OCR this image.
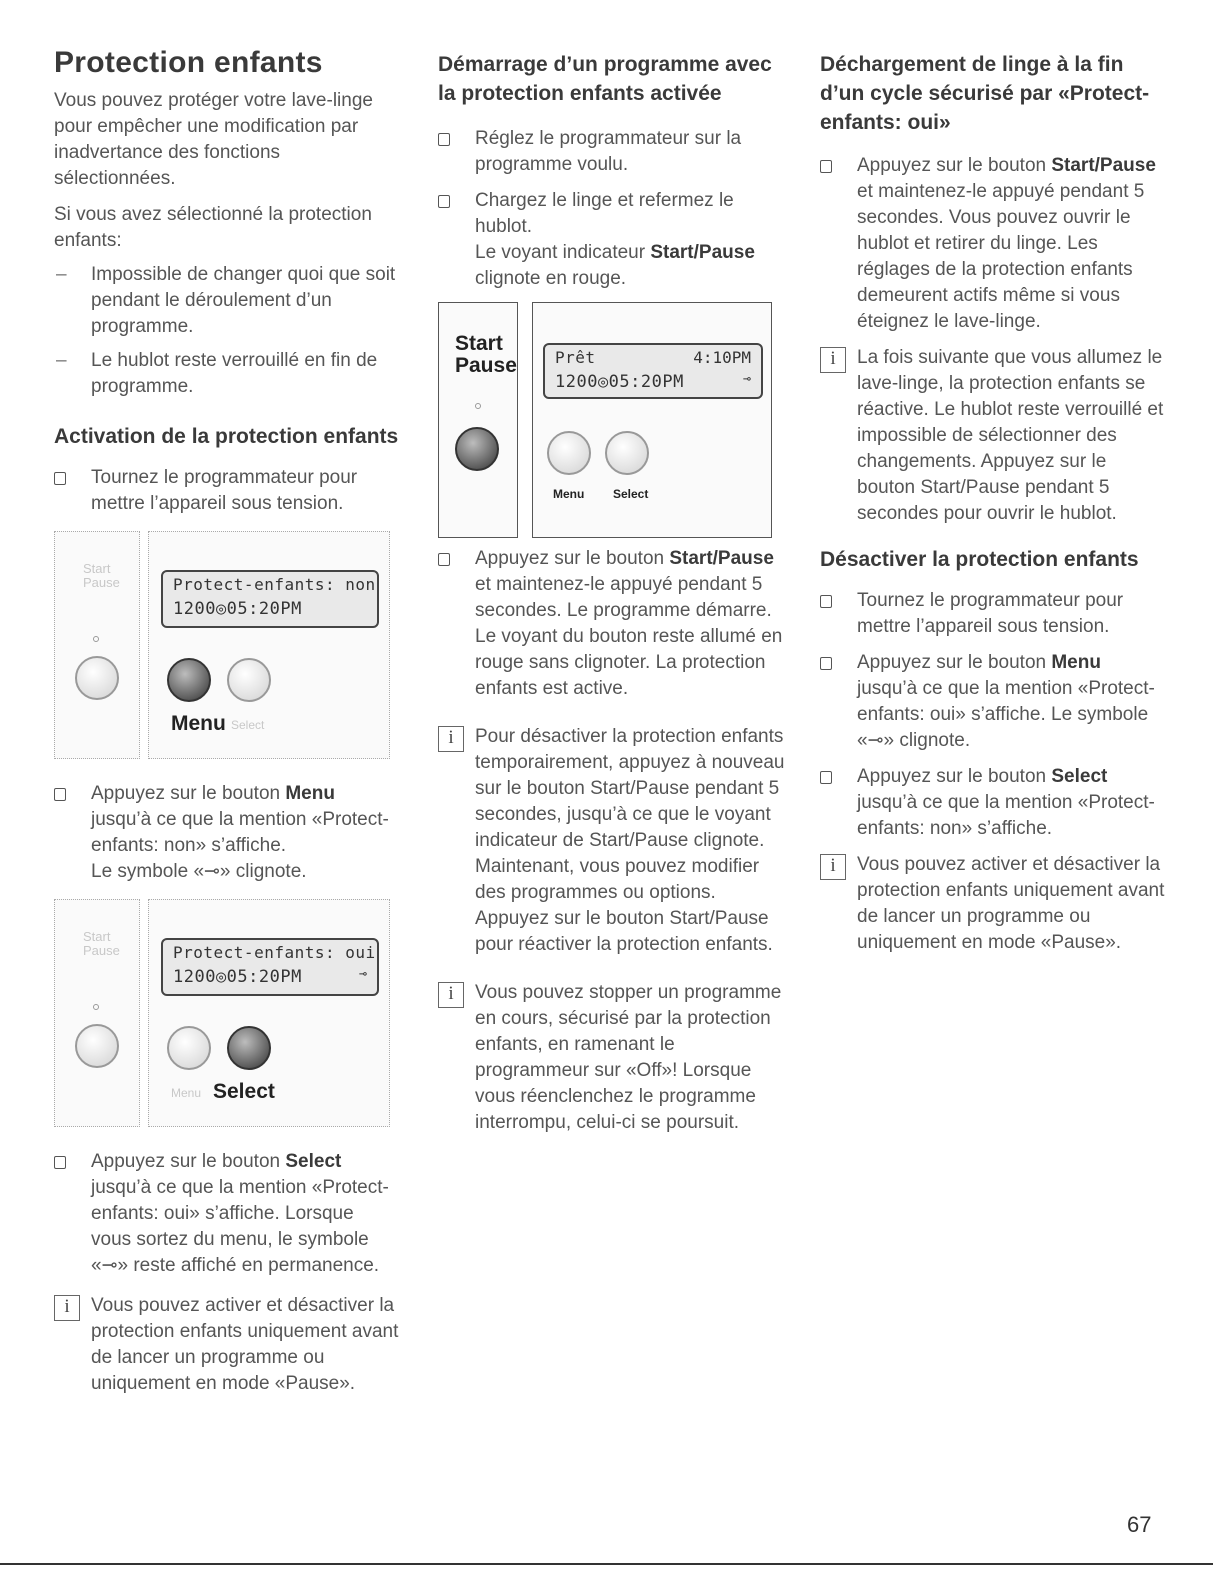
Protection enfants

Vous pouvez protéger votre lave-linge pour empêcher une modification par inadvertance des fonctions sélectionnées.

Si vous avez sélectionné la protection enfants:

– Impossible de changer quoi que soit pendant le déroulement d’un programme.
– Le hublot reste verrouillé en fin de programme.
Activation de la protection enfants
Tournez le programmateur pour mettre l’appareil sous tension.
Start
Pause	Protect-enfants: non
1200◎05:20PM
Menu Select
Appuyez sur le bouton Menu jusqu’à ce que la mention «Protect-enfants: non» s’affiche.
Le symbole «⊸» clignote.
Start
Pause	Protect-enfants: oui
1200◎05:20PM	⊸
Menu Select
Appuyez sur le bouton Select jusqu’à ce que la mention «Protect-enfants: oui» s’affiche. Lorsque vous sortez du menu, le symbole «⊸» reste affiché en permanence.
i	Vous pouvez activer et désactiver la protection enfants uniquement avant de lancer un programme ou uniquement en mode «Pause».
Démarrage d’un programme avec la protection enfants activée
Réglez le programmateur sur la programme voulu.
Chargez le linge et refermez le hublot.
Le voyant indicateur Start/Pause clignote en rouge.
Start
Pause Prêt	4:10PM
1200◎05:20PM	⊸
Menu Select
Appuyez sur le bouton Start/Pause et maintenez-le appuyé pendant 5 secondes. Le programme démarre. Le voyant du bouton reste allumé en rouge sans clignoter. La protection enfants est active.
i	Pour désactiver la protection enfants temporairement, appuyez à nouveau sur le bouton Start/Pause pendant 5 secondes, jusqu’à ce que le voyant indicateur de Start/Pause clignote. Maintenant, vous pouvez modifier des programmes ou options. Appuyez sur le bouton Start/Pause pour réactiver la protection enfants.
i	Vous pouvez stopper un programme en cours, sécurisé par la protection enfants, en ramenant le programmeur sur «Off»! Lorsque vous réenclenchez le programme interrompu, celui-ci se poursuit.
Déchargement de linge à la fin d’un cycle sécurisé par «Protect-enfants: oui»
Appuyez sur le bouton Start/Pause et maintenez-le appuyé pendant 5 secondes. Vous pouvez ouvrir le hublot et retirer du linge. Les réglages de la protection enfants demeurent actifs même si vous éteignez le lave-linge.
i	La fois suivante que vous allumez le lave-linge, la protection enfants se réactive. Le hublot reste verrouillé et impossible de sélectionner des changements. Appuyez sur le bouton Start/Pause pendant 5 secondes pour ouvrir le hublot.
Désactiver la protection enfants
Tournez le programmateur pour mettre l’appareil sous tension.
Appuyez sur le bouton Menu jusqu’à ce que la mention «Protect-enfants: oui» s’affiche. Le symbole «⊸» clignote.
Appuyez sur le bouton Select jusqu’à ce que la mention «Protect-enfants: non» s’affiche.
i	Vous pouvez activer et désactiver la protection enfants uniquement avant de lancer un programme ou uniquement en mode «Pause».
67
